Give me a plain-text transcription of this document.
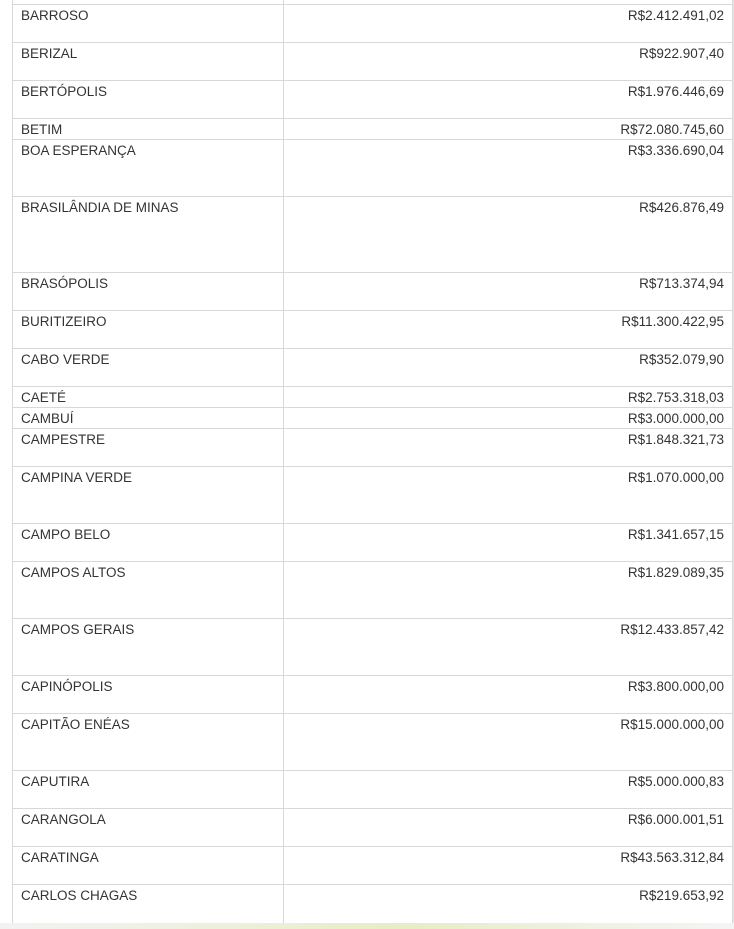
BARROSO	R$2.412.491,02
BERIZAL	R$922.907,40
BERTÓPOLIS	R$1.976.446,69
BETIM	R$72.080.745,60
BOA ESPERANÇA	R$3.336.690,04
BRASILÂNDIA DE MINAS	R$426.876,49
BRASÓPOLIS	R$713.374,94
BURITIZEIRO	R$11.300.422,95
CABO VERDE	R$352.079,90
CAETÉ	R$2.753.318,03
CAMBUÍ	R$3.000.000,00
CAMPESTRE	R$1.848.321,73
CAMPINA VERDE	R$1.070.000,00
CAMPO BELO	R$1.341.657,15
CAMPOS ALTOS	R$1.829.089,35
CAMPOS GERAIS	R$12.433.857,42
CAPINÓPOLIS	R$3.800.000,00
CAPITÃO ENÉAS	R$15.000.000,00
CAPUTIRA	R$5.000.000,83
CARANGOLA	R$6.000.001,51
CARATINGA	R$43.563.312,84
CARLOS CHAGAS	R$219.653,92
